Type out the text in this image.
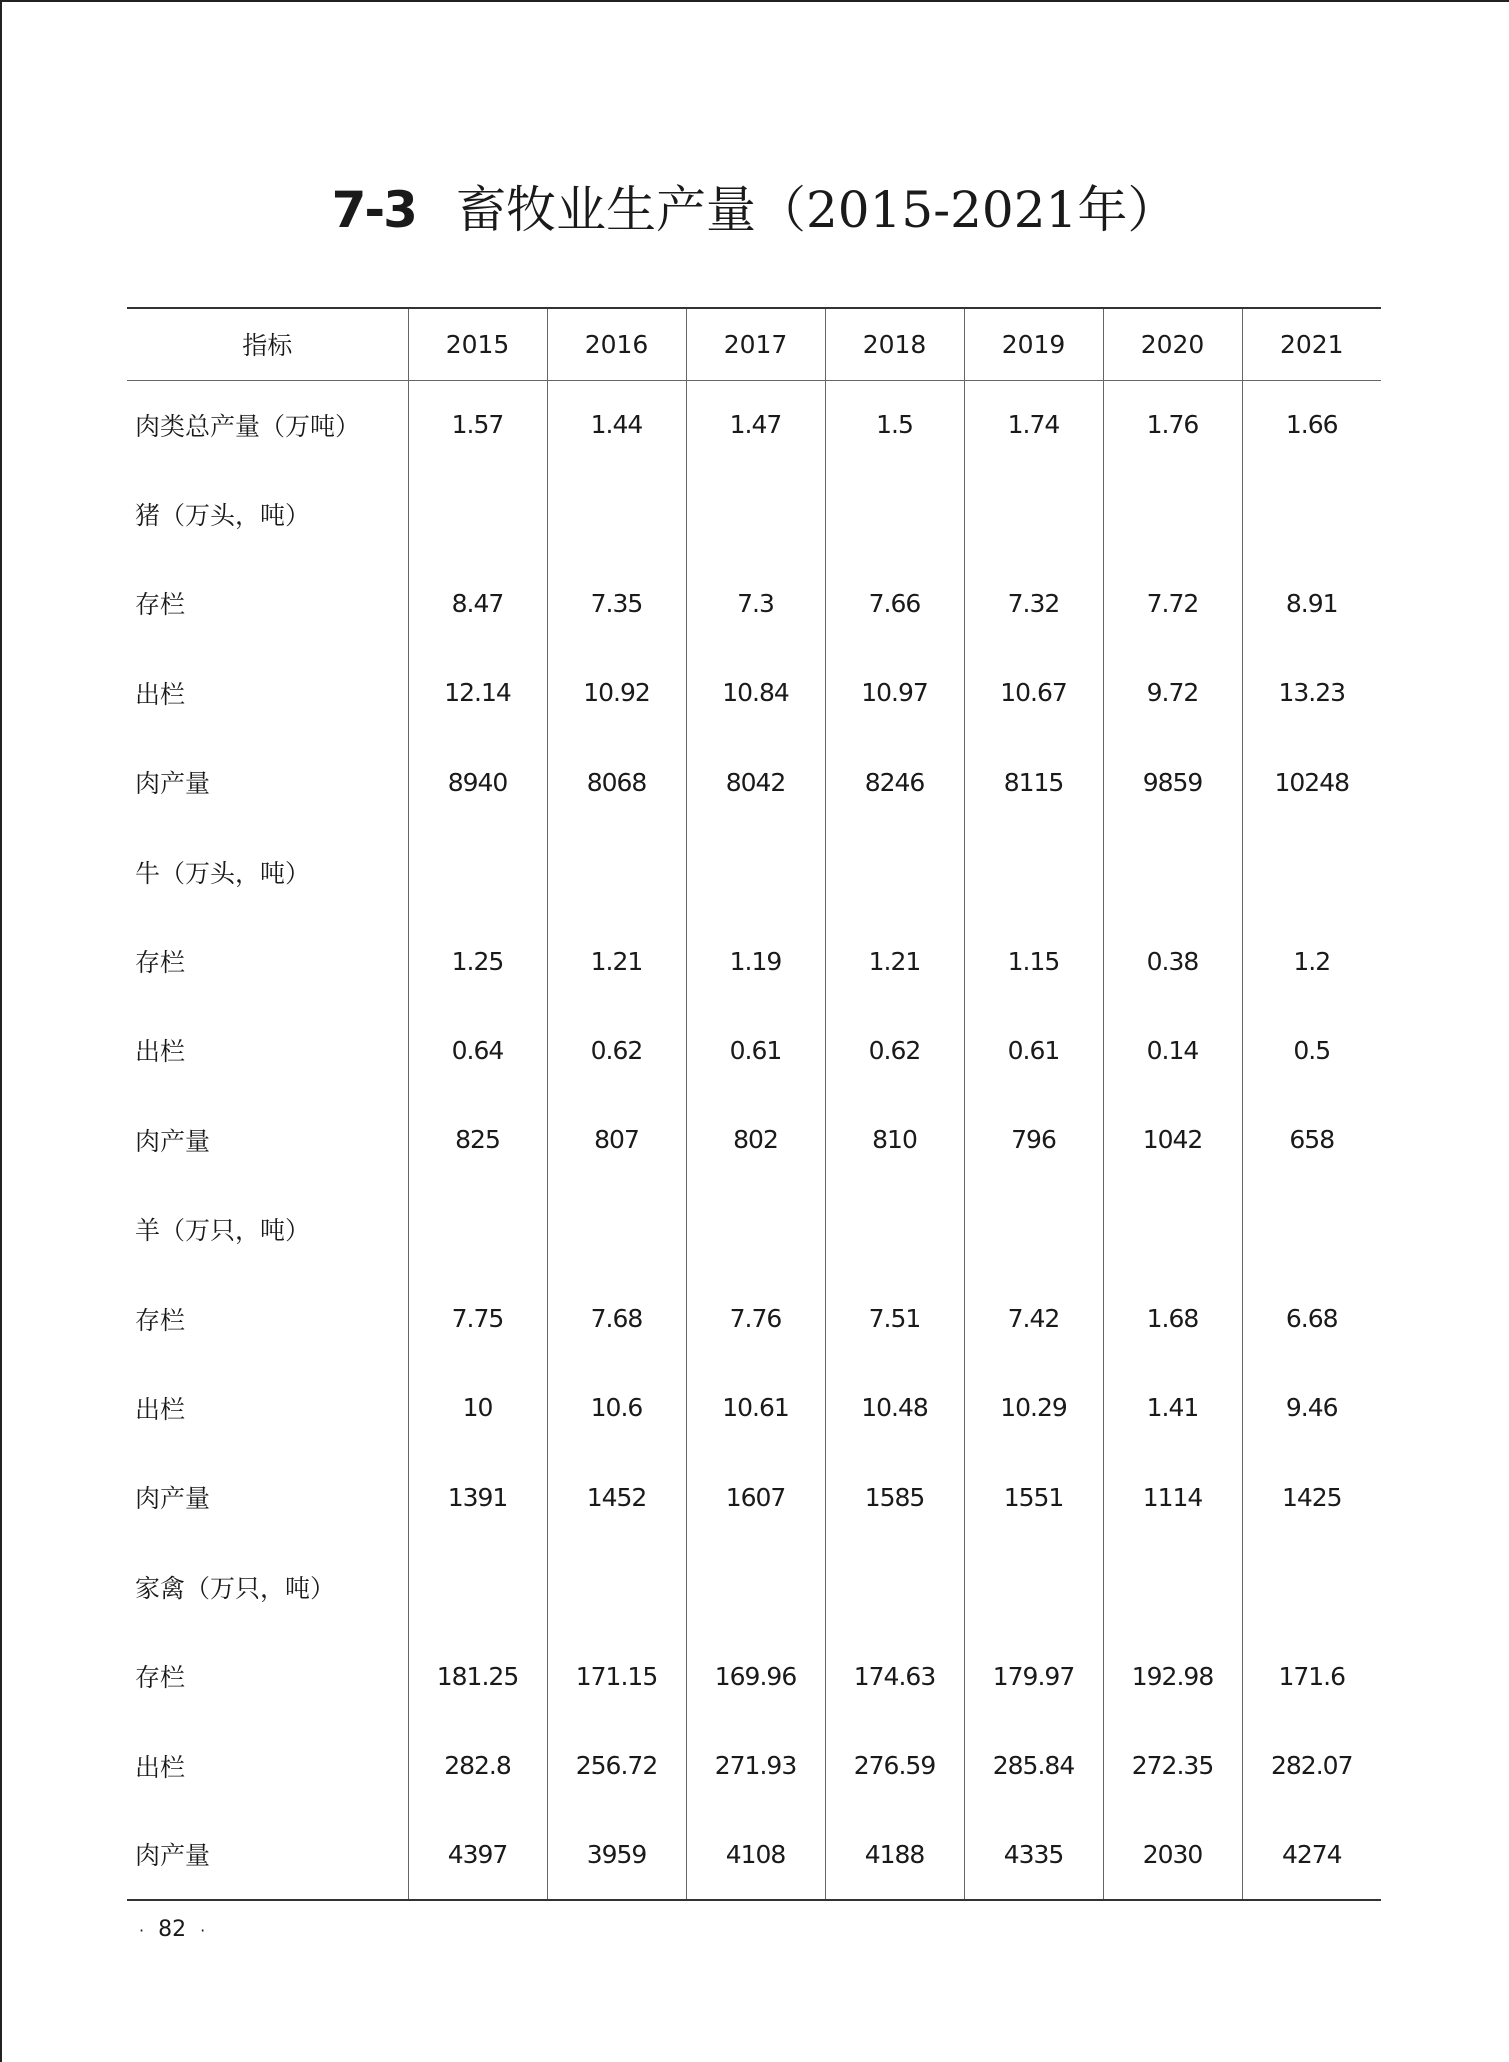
7-3 畜牧业生产量（2015-2021年）
指标	2015	2016	2017	2018	2019	2020	2021
肉类总产量（万吨）	1.57	1.44	1.47	1.5	1.74	1.76	1.66
猪（万头，吨）							
存栏	8.47	7.35	7.3	7.66	7.32	7.72	8.91
出栏	12.14	10.92	10.84	10.97	10.67	9.72	13.23
肉产量	8940	8068	8042	8246	8115	9859	10248
牛（万头，吨）							
存栏	1.25	1.21	1.19	1.21	1.15	0.38	1.2
出栏	0.64	0.62	0.61	0.62	0.61	0.14	0.5
肉产量	825	807	802	810	796	1042	658
羊（万只，吨）							
存栏	7.75	7.68	7.76	7.51	7.42	1.68	6.68
出栏	10	10.6	10.61	10.48	10.29	1.41	9.46
肉产量	1391	1452	1607	1585	1551	1114	1425
家禽（万只，吨）							
存栏	181.25	171.15	169.96	174.63	179.97	192.98	171.6
出栏	282.8	256.72	271.93	276.59	285.84	272.35	282.07
肉产量	4397	3959	4108	4188	4335	2030	4274
· 82 ·
